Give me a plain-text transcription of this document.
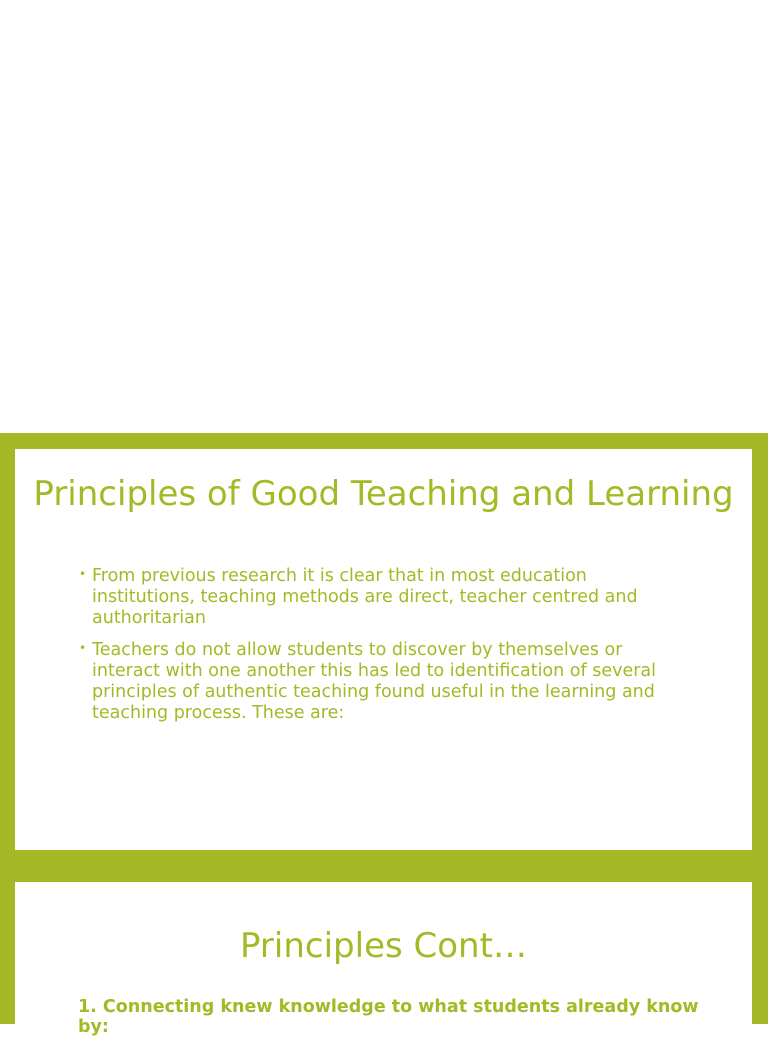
Principles of Good Teaching and Learning
• From previous research it is clear that in most education institutions, teaching methods are direct, teacher centred and authoritarian
• Teachers do not allow students to discover by themselves or interact with one another this has led to identification of several principles of authentic teaching found useful in the learning and teaching process. These are:
Principles Cont…

1. Connecting knew knowledge to what students already know by:
